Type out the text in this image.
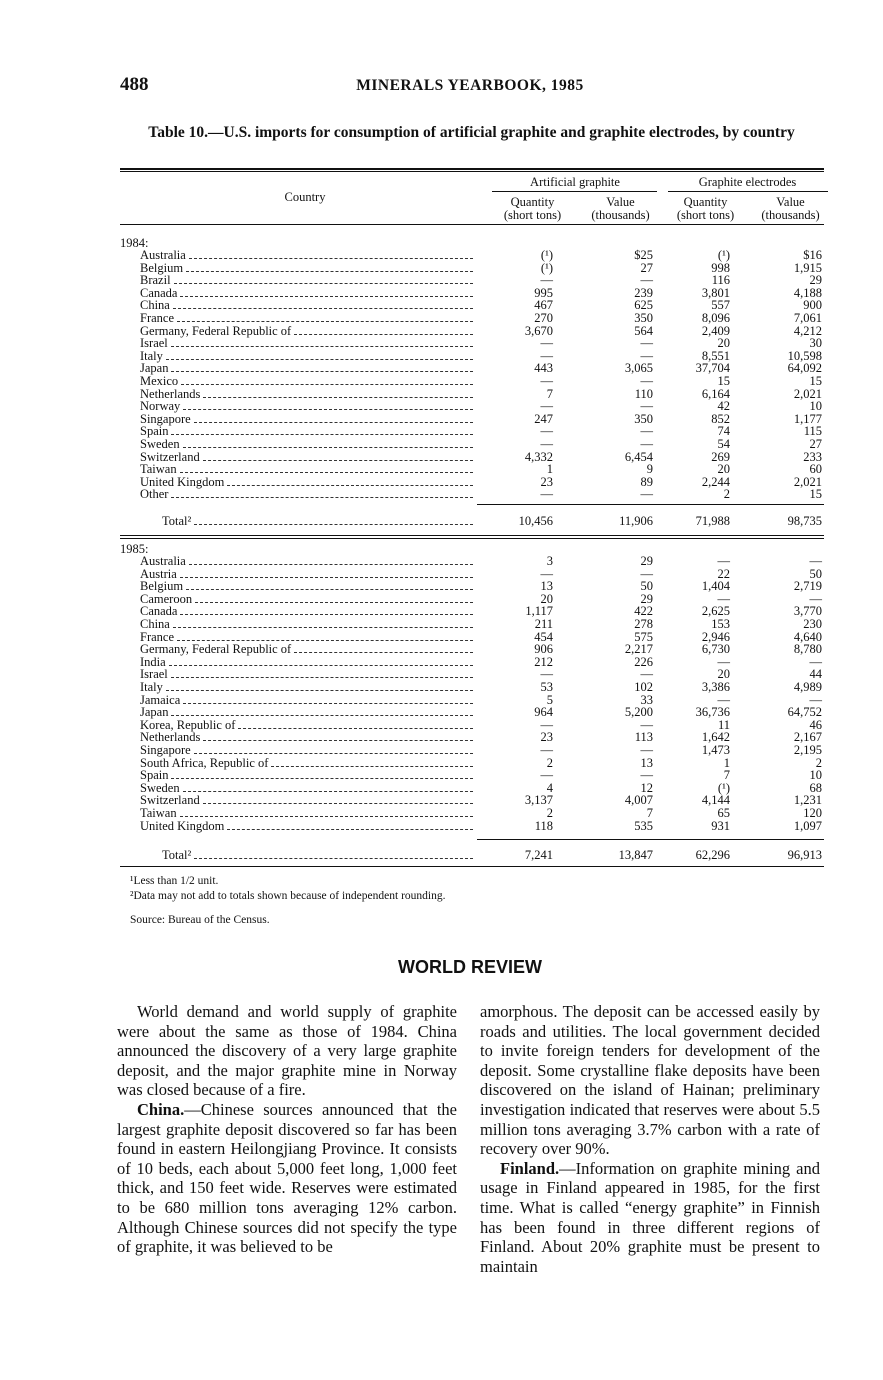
488	MINERALS YEARBOOK, 1985
Table 10.—U.S. imports for consumption of artificial graphite and graphite electrodes, by country
Country
Artificial graphite	Graphite electrodes
Quantity
(short tons)
Value
(thousands)
Quantity
(short tons)
Value
(thousands)
1984:
1985:
¹Less than 1/2 unit.
²Data may not add to totals shown because of independent rounding.
Source: Bureau of the Census.
WORLD REVIEW

World demand and world supply of graphite were about the same as those of 1984. China announced the discovery of a very large graphite deposit, and the major graphite mine in Norway was closed because of a fire.

China.—Chinese sources announced that the largest graphite deposit discovered so far has been found in eastern Heilongjiang Province. It consists of 10 beds, each about 5,000 feet long, 1,000 feet thick, and 150 feet wide. Reserves were estimated to be 680 million tons averaging 12% carbon. Although Chinese sources did not specify the type of graphite, it was believed to be

amorphous. The deposit can be accessed easily by roads and utilities. The local government decided to invite foreign tenders for development of the deposit. Some crystalline flake deposits have been discovered on the island of Hainan; preliminary investigation indicated that reserves were about 5.5 million tons averaging 3.7% carbon with a rate of recovery over 90%.

Finland.—Information on graphite mining and usage in Finland appeared in 1985, for the first time. What is called “energy graphite” in Finnish has been found in three different regions of Finland. About 20% graphite must be present to maintain

Australia	(¹)	$25	(¹)	$16
Belgium	(¹)	27	998	1,915
Brazil	—	—	116	29
Canada	995	239	3,801	4,188
China	467	625	557	900
France	270	350	8,096	7,061
Germany, Federal Republic of	3,670	564	2,409	4,212
Israel	—	—	20	30
Italy	—	—	8,551	10,598
Japan	443	3,065	37,704	64,092
Mexico	—	—	15	15
Netherlands	7	110	6,164	2,021
Norway	—	—	42	10
Singapore	247	350	852	1,177
Spain	—	—	74	115
Sweden	—	—	54	27
Switzerland	4,332	6,454	269	233
Taiwan	1	9	20	60
United Kingdom	23	89	2,244	2,021
Other	—	—	2	15
Total²	10,456	11,906	71,988	98,735
Australia	3	29	—	—
Austria	—	—	22	50
Belgium	13	50	1,404	2,719
Cameroon	20	29	—	—
Canada	1,117	422	2,625	3,770
China	211	278	153	230
France	454	575	2,946	4,640
Germany, Federal Republic of	906	2,217	6,730	8,780
India	212	226	—	—
Israel	—	—	20	44
Italy	53	102	3,386	4,989
Jamaica	5	33	—	—
Japan	964	5,200	36,736	64,752
Korea, Republic of	—	—	11	46
Netherlands	23	113	1,642	2,167
Singapore	—	—	1,473	2,195
South Africa, Republic of	2	13	1	2
Spain	—	—	7	10
Sweden	4	12	(¹)	68
Switzerland	3,137	4,007	4,144	1,231
Taiwan	2	7	65	120
United Kingdom	118	535	931	1,097
Total²	7,241	13,847	62,296	96,913
